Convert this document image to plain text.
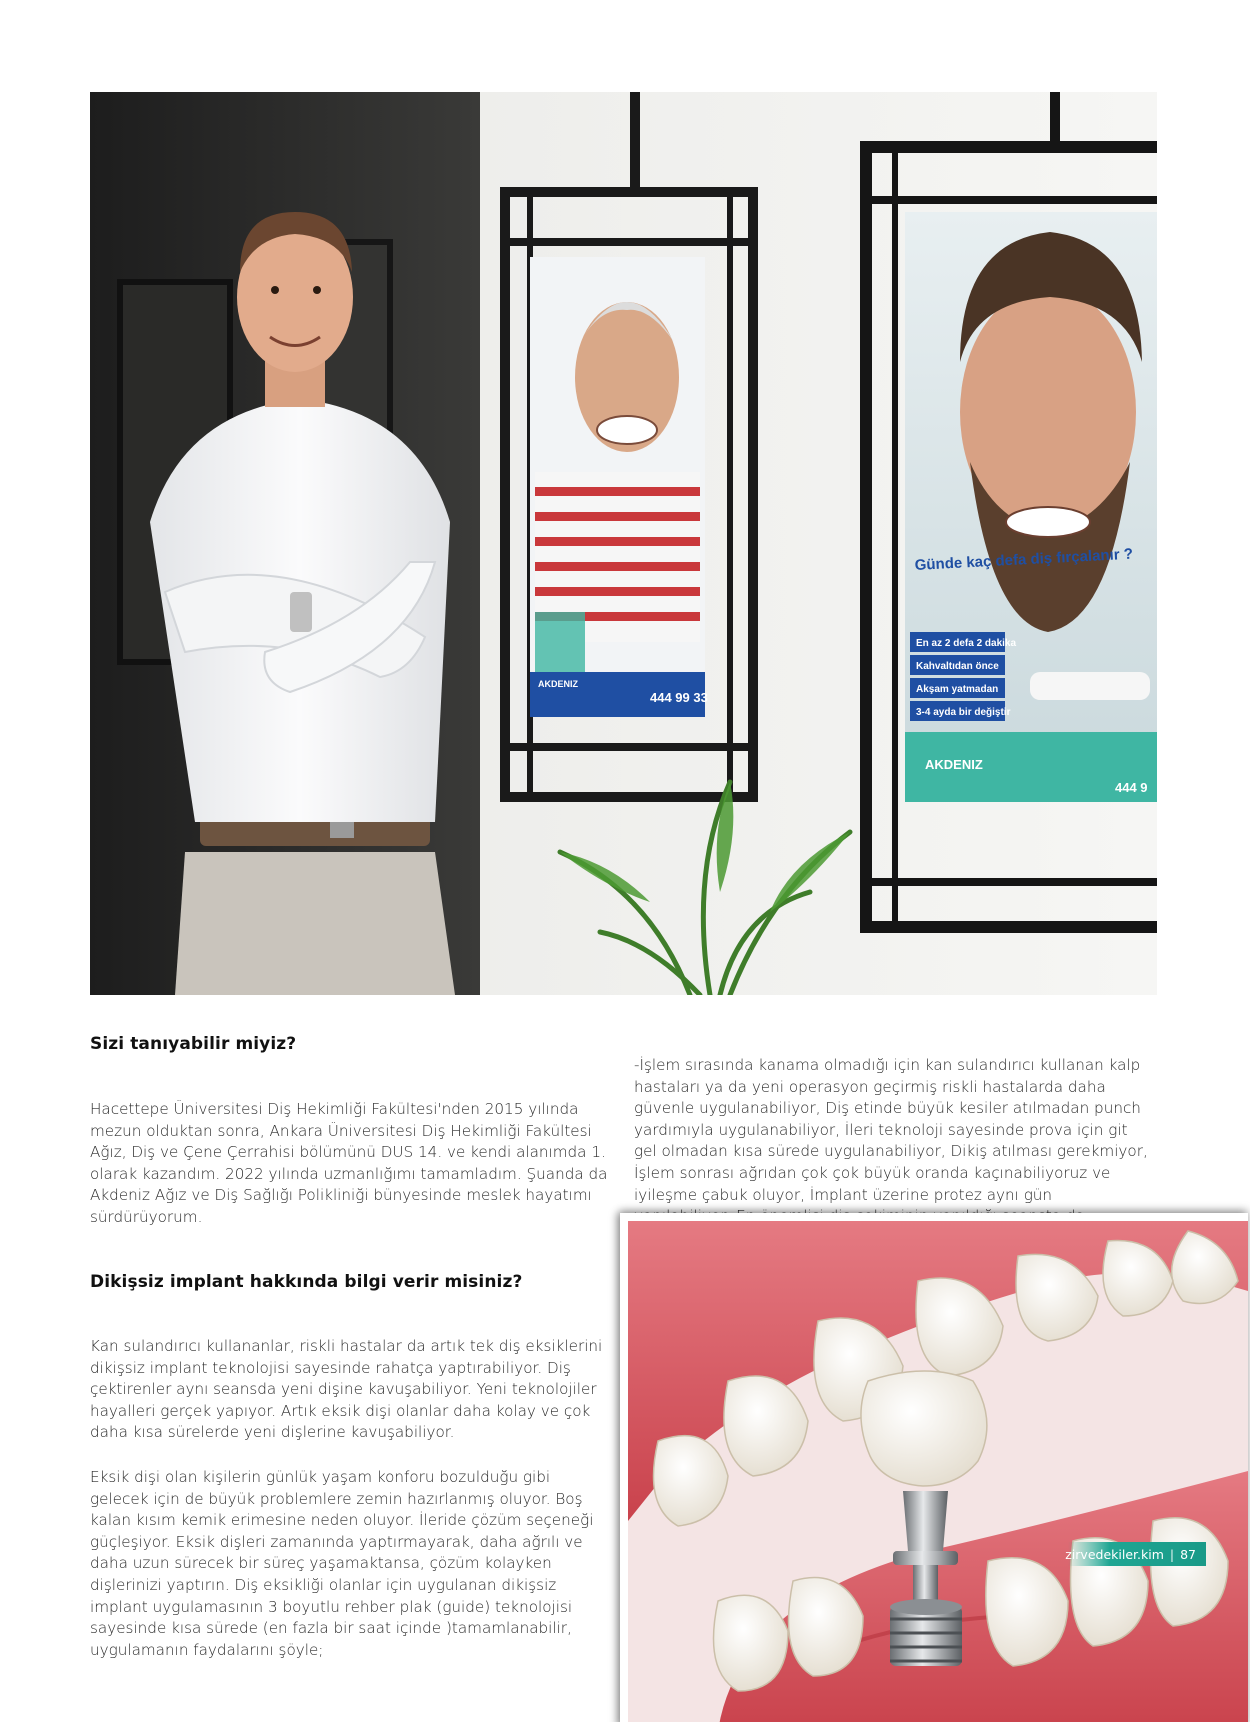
444 99 33
AKDENIZ
Günde kaç defa diş fırçalanır ?
En az 2 defa 2 dakika
Kahvaltıdan önce
Akşam yatmadan
3-4 ayda bir değiştir
AKDENIZ
444 9
Sizi tanıyabilir miyiz?

Hacettepe Üniversitesi Diş Hekimliği Fakültesi'nden 2015 yılında mezun olduktan sonra, Ankara Üniversitesi Diş Hekimliği Fakültesi Ağız, Diş ve Çene Çerrahisi bölümünü DUS 14. ve kendi alanımda 1. olarak kazandım. 2022 yılında uzmanlığımı tamamladım. Şuanda da Akdeniz Ağız ve Diş Sağlığı Polikliniği bünyesinde meslek hayatımı sürdürüyorum.

Dikişsiz implant hakkında bilgi verir misiniz?

Kan sulandırıcı kullananlar, riskli hastalar da artık tek diş eksiklerini dikişsiz implant teknolojisi sayesinde rahatça yaptırabiliyor. Diş çektirenler aynı seansda yeni dişine kavuşabiliyor. Yeni teknolojiler hayalleri gerçek yapıyor. Artık eksik dişi olanlar daha kolay ve çok daha kısa sürelerde yeni dişlerine kavuşabiliyor.

Eksik dişi olan kişilerin günlük yaşam konforu bozulduğu gibi gelecek için de büyük problemlere zemin hazırlanmış oluyor. Boş kalan kısım kemik erimesine neden oluyor. İleride çözüm seçeneği güçleşiyor. Eksik dişleri zamanında yaptırmayarak, daha ağrılı ve daha uzun sürecek bir süreç yaşamaktansa, çözüm kolayken dişlerinizi yaptırın. Diş eksikliği olanlar için uygulanan dikişsiz implant uygulamasının 3 boyutlu rehber plak (guide) teknolojisi sayesinde kısa sürede (en fazla bir saat içinde )tamamlanabilir, uygulamanın faydalarını şöyle;

-İşlem sırasında kanama olmadığı için kan sulandırıcı kullanan kalp hastaları ya da yeni operasyon geçirmiş riskli hastalarda daha güvenle uygulanabiliyor, Diş etinde büyük kesiler atılmadan punch yardımıyla uygulanabiliyor, İleri teknoloji sayesinde prova için git gel olmadan kısa sürede uygulanabiliyor, Dikiş atılması gerekmiyor, İşlem sonrası ağrıdan çok çok büyük oranda kaçınabiliyoruz ve iyileşme çabuk oluyor, İmplant üzerine protez aynı gün

zirvedekiler.kim | 87
